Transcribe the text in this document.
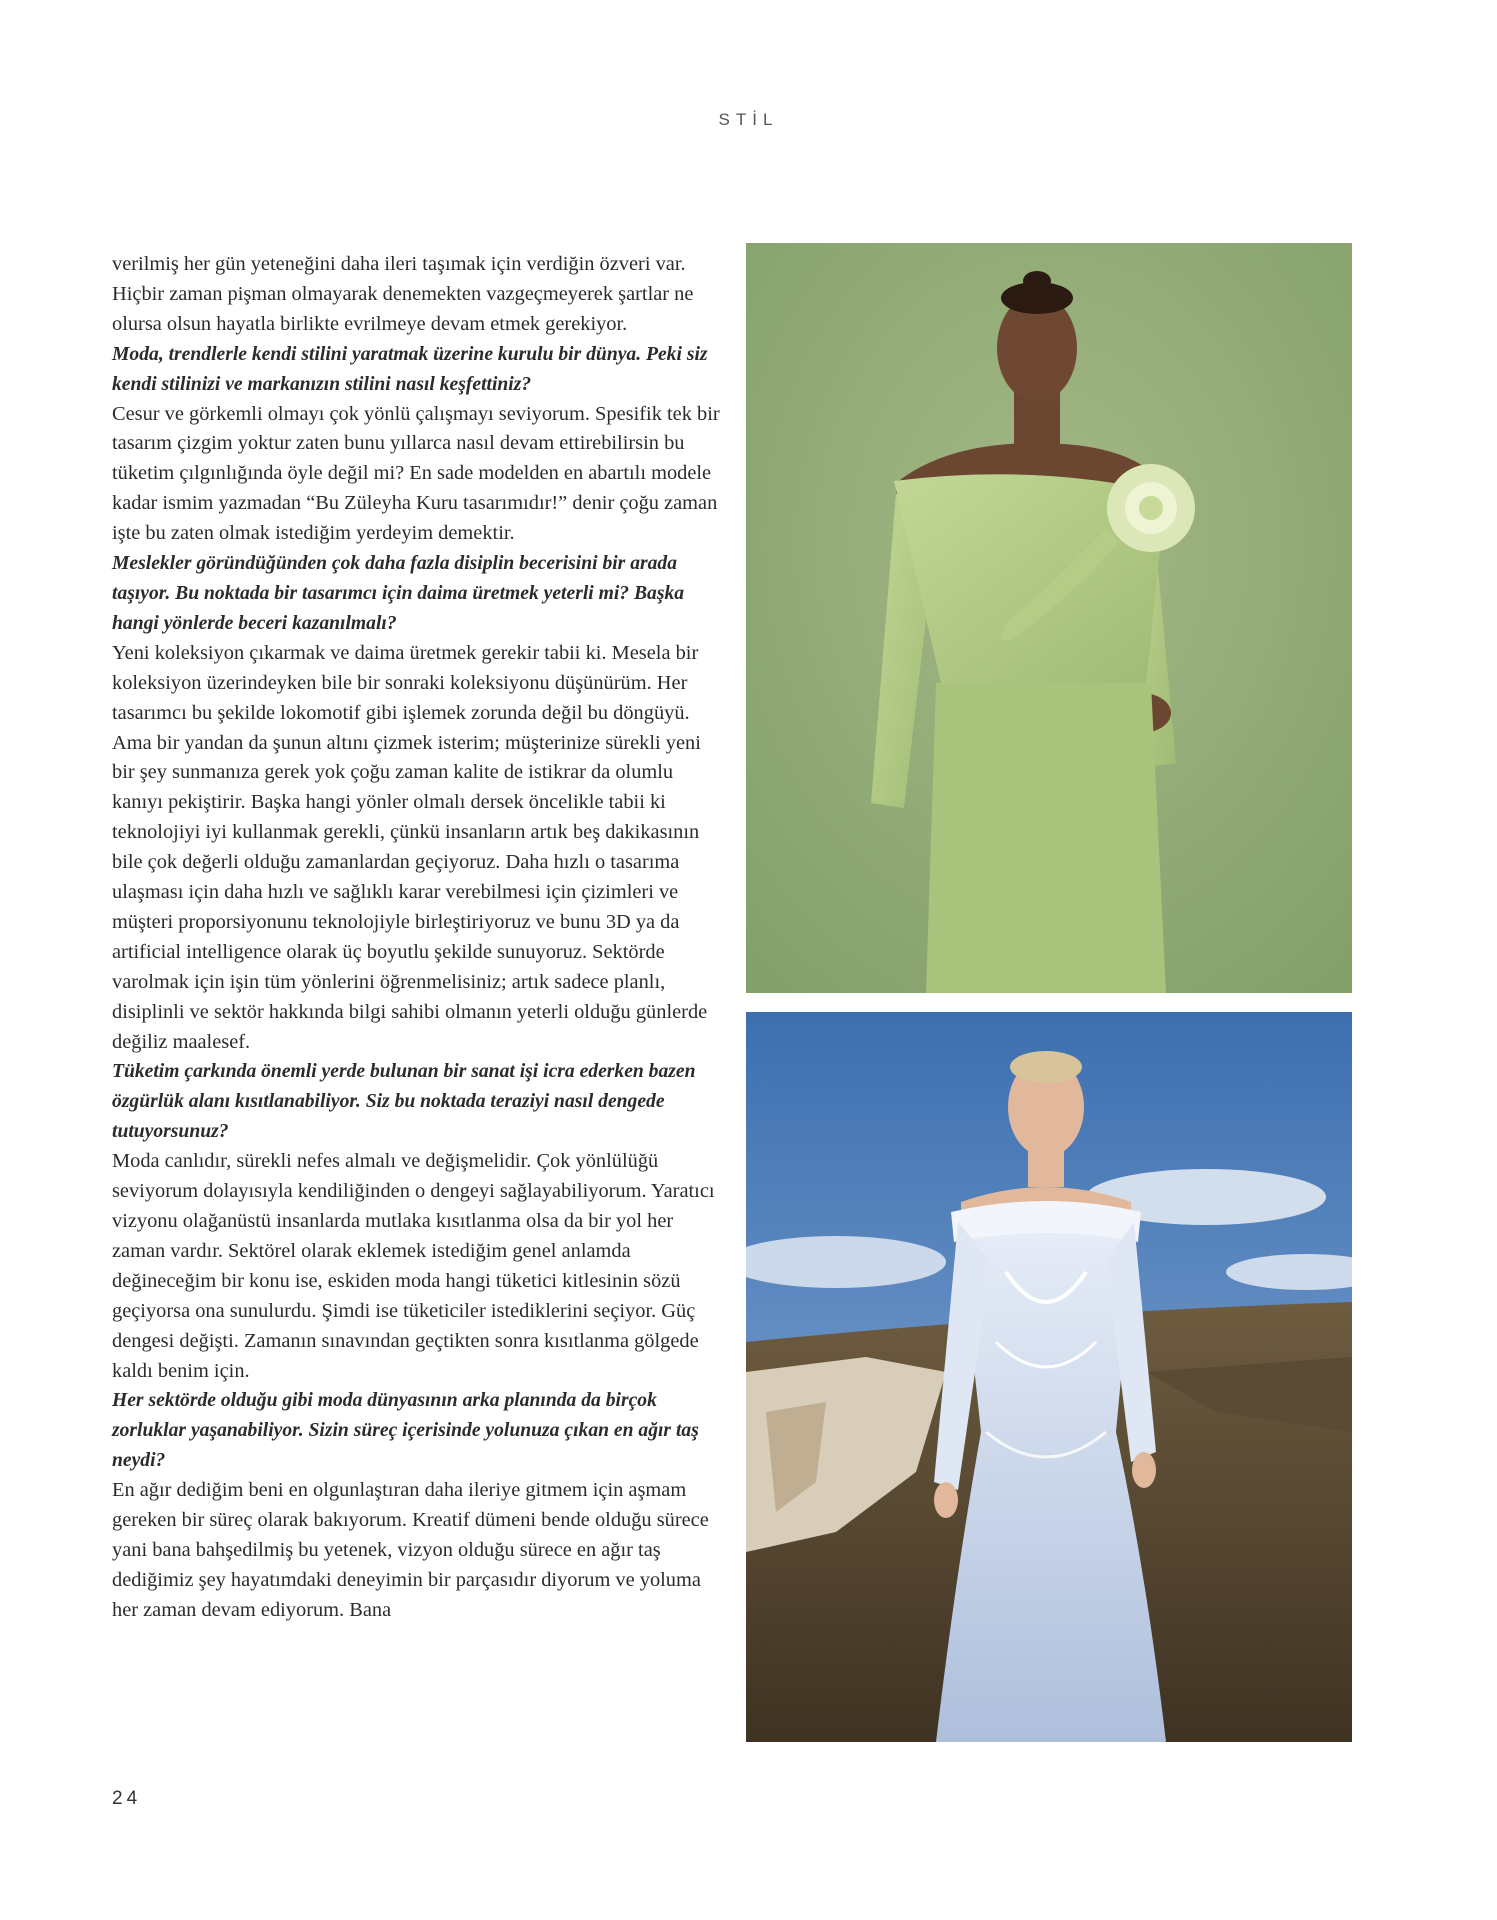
STİL

verilmiş her gün yeteneğini daha ileri taşımak için verdiğin özveri var. Hiçbir zaman pişman olmayarak denemekten vazgeçmeyerek şartlar ne olursa olsun hayatla birlikte evrilmeye devam etmek gerekiyor.

Moda, trendlerle kendi stilini yaratmak üzerine kurulu bir dünya. Peki siz kendi stilinizi ve markanızın stilini nasıl keşfettiniz?

Cesur ve görkemli olmayı çok yönlü çalışmayı seviyorum. Spesifik tek bir tasarım çizgim yoktur zaten bunu yıllarca nasıl devam ettirebilirsin bu tüketim çılgınlığında öyle değil mi? En sade modelden en abartılı modele kadar ismim yazmadan “Bu Züleyha Kuru tasarımıdır!” denir çoğu zaman işte bu zaten olmak istediğim yerdeyim demektir.

Meslekler göründüğünden çok daha fazla disiplin becerisini bir arada taşıyor. Bu noktada bir tasarımcı için daima üretmek yeterli mi? Başka hangi yönlerde beceri kazanılmalı?

Yeni koleksiyon çıkarmak ve daima üretmek gerekir tabii ki. Mesela bir koleksiyon üzerindeyken bile bir sonraki koleksiyonu düşünürüm. Her tasarımcı bu şekilde lokomotif gibi işlemek zorunda değil bu döngüyü. Ama bir yandan da şunun altını çizmek isterim; müşterinize sürekli yeni bir şey sunmanıza gerek yok çoğu zaman kalite de istikrar da olumlu kanıyı pekiştirir. Başka hangi yönler olmalı dersek öncelikle tabii ki teknolojiyi iyi kullanmak gerekli, çünkü insanların artık beş dakikasının bile çok değerli olduğu zamanlardan geçiyoruz. Daha hızlı o tasarıma ulaşması için daha hızlı ve sağlıklı karar verebilmesi için çizimleri ve müşteri proporsiyonunu teknolojiyle birleştiriyoruz ve bunu 3D ya da artificial intelligence olarak üç boyutlu şekilde sunuyoruz. Sektörde varolmak için işin tüm yönlerini öğrenmelisiniz; artık sadece planlı, disiplinli ve sektör hakkında bilgi sahibi olmanın yeterli olduğu günlerde değiliz maalesef.

Tüketim çarkında önemli yerde bulunan bir sanat işi icra ederken bazen özgürlük alanı kısıtlanabiliyor. Siz bu noktada teraziyi nasıl dengede tutuyorsunuz?

Moda canlıdır, sürekli nefes almalı ve değişmelidir. Çok yönlülüğü seviyorum dolayısıyla kendiliğinden o dengeyi sağlayabiliyorum. Yaratıcı vizyonu olağanüstü insanlarda mutlaka kısıtlanma olsa da bir yol her zaman vardır. Sektörel olarak eklemek istediğim genel anlamda değineceğim bir konu ise, eskiden moda hangi tüketici kitlesinin sözü geçiyorsa ona sunulurdu. Şimdi ise tüketiciler istediklerini seçiyor. Güç dengesi değişti. Zamanın sınavından geçtikten sonra kısıtlanma gölgede kaldı benim için.

Her sektörde olduğu gibi moda dünyasının arka planında da birçok zorluklar yaşanabiliyor. Sizin süreç içerisinde yolunuza çıkan en ağır taş neydi?

En ağır dediğim beni en olgunlaştıran daha ileriye gitmem için aşmam gereken bir süreç olarak bakıyorum. Kreatif dümeni bende olduğu sürece yani bana bahşedilmiş bu yetenek, vizyon olduğu sürece en ağır taş dediğimiz şey hayatımdaki deneyimin bir parçasıdır diyorum ve yoluma her zaman devam ediyorum. Bana

24
